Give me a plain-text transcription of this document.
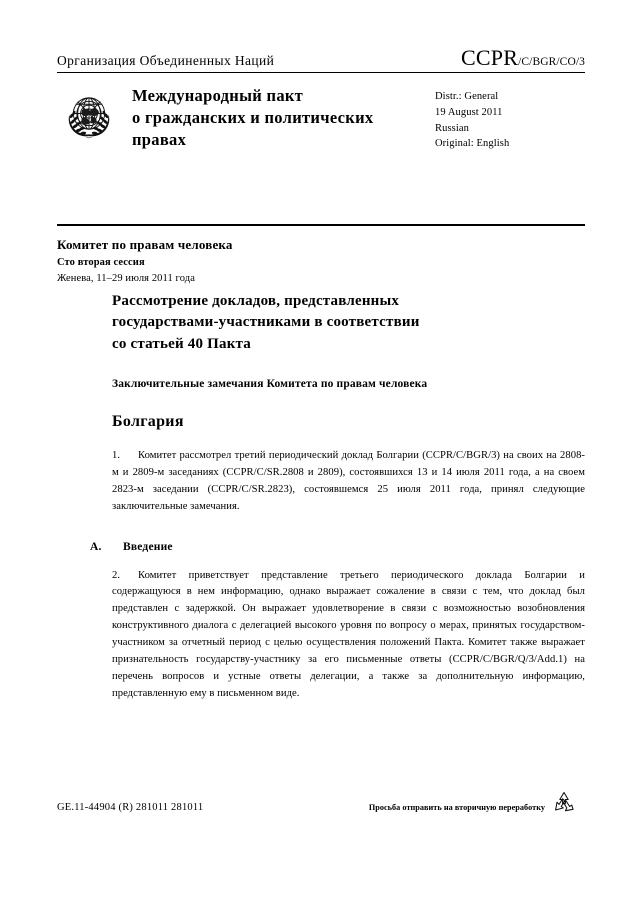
Организация Объединенных Наций	CCPR/C/BGR/CO/3
Международный пакт
о гражданских и политических
правах
Distr.: General
19 August 2011
Russian
Original: English
Комитет по правам человека
Сто вторая сессия
Женева, 11–29 июля 2011 года
Рассмотрение докладов, представленных
государствами-участниками в соответствии
со статьей 40 Пакта
Заключительные замечания Комитета по правам человека
Болгария
1. Комитет рассмотрел третий периодический доклад Болгарии (CCPR/C/BGR/3) на своих на 2808-м и 2809-м заседаниях (CCPR/C/SR.2808 и 2809), состоявшихся 13 и 14 июля 2011 года, а на своем 2823-м заседании (CCPR/C/SR.2823), состоявшемся 25 июля 2011 года, принял следующие заключительные замечания.
A.	Введение
2. Комитет приветствует представление третьего периодического доклада Болгарии и содержащуюся в нем информацию, однако выражает сожаление в связи с тем, что доклад был представлен с задержкой. Он выражает удовлетворение в связи с возможностью возобновления конструктивного диалога с делегацией высокого уровня по вопросу о мерах, принятых государством-участником за отчетный период с целью осуществления положений Пакта. Комитет также выражает признательность государству-участнику за его письменные ответы (CCPR/C/BGR/Q/3/Add.1) на перечень вопросов и устные ответы делегации, а также за дополнительную информацию, представленную ему в письменном виде.
GE.11-44904 (R) 281011 281011	Просьба отправить на вторичную переработку
